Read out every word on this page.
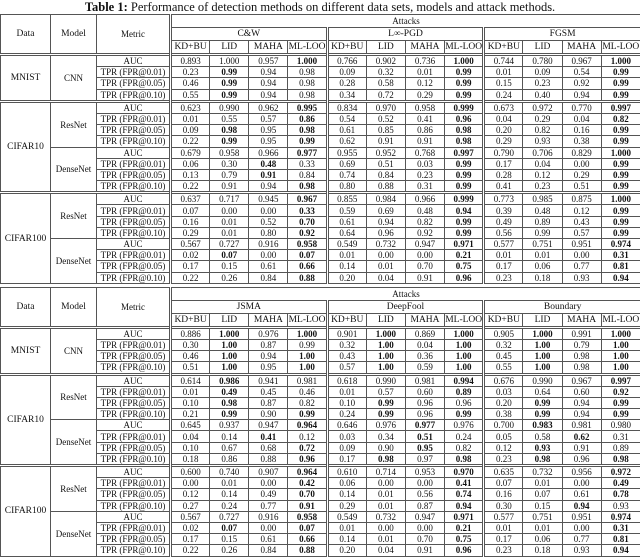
Table 1: Performance of detection methods on different data sets, models and attack methods.

Data	Model	Metric	Attacks											
			C&W				L∞-PGD				FGSM			
			KD+BU	LID	MAHA	ML-LOO	KD+BU	LID	MAHA	ML-LOO	KD+BU	LID	MAHA	ML-LOO
MNIST	CNN	AUC	0.893	1.000	0.957	1.000	0.766	0.902	0.736	1.000	0.744	0.780	0.967	1.000
		TPR (FPR@0.01)	0.23	0.99	0.94	0.98	0.09	0.32	0.01	0.99	0.01	0.09	0.54	0.99
		TPR (FPR@0.05)	0.46	0.99	0.94	0.98	0.28	0.58	0.12	0.99	0.15	0.23	0.92	0.99
		TPR (FPR@0.10)	0.55	0.99	0.94	0.98	0.34	0.72	0.29	0.99	0.24	0.40	0.94	0.99
CIFAR10	ResNet	AUC	0.623	0.990	0.962	0.995	0.834	0.970	0.958	0.999	0.673	0.972	0.770	0.997
		TPR (FPR@0.01)	0.01	0.55	0.57	0.86	0.54	0.52	0.41	0.96	0.04	0.29	0.04	0.82
		TPR (FPR@0.05)	0.09	0.98	0.95	0.98	0.61	0.85	0.86	0.98	0.20	0.82	0.16	0.99
		TPR (FPR@0.10)	0.22	0.99	0.95	0.99	0.62	0.91	0.91	0.98	0.29	0.93	0.38	0.99
	DenseNet	AUC	0.679	0.958	0.966	0.977	0.955	0.952	0.768	0.997	0.790	0.706	0.829	1.000
		TPR (FPR@0.01)	0.06	0.30	0.48	0.33	0.69	0.51	0.03	0.99	0.17	0.04	0.00	0.99
		TPR (FPR@0.05)	0.13	0.79	0.91	0.84	0.74	0.84	0.23	0.99	0.28	0.12	0.29	0.99
		TPR (FPR@0.10)	0.22	0.91	0.94	0.98	0.80	0.88	0.31	0.99	0.41	0.23	0.51	0.99
CIFAR100	ResNet	AUC	0.637	0.717	0.945	0.967	0.855	0.984	0.966	0.999	0.773	0.985	0.875	1.000
		TPR (FPR@0.01)	0.07	0.00	0.00	0.33	0.59	0.69	0.48	0.94	0.39	0.48	0.12	0.99
		TPR (FPR@0.05)	0.16	0.01	0.52	0.70	0.61	0.94	0.82	0.99	0.49	0.89	0.43	0.99
		TPR (FPR@0.10)	0.29	0.01	0.80	0.92	0.64	0.96	0.92	0.99	0.56	0.99	0.57	0.99
	DenseNet	AUC	0.567	0.727	0.916	0.958	0.549	0.732	0.947	0.971	0.577	0.751	0.951	0.974
		TPR (FPR@0.01)	0.02	0.07	0.00	0.07	0.01	0.00	0.00	0.21	0.01	0.01	0.00	0.31
		TPR (FPR@0.05)	0.17	0.15	0.61	0.66	0.14	0.01	0.70	0.75	0.17	0.06	0.77	0.81
		TPR (FPR@0.10)	0.22	0.26	0.84	0.88	0.20	0.04	0.91	0.96	0.23	0.18	0.93	0.94
Data	Model	Metric	Attacks											
			JSMA				DeepFool				Boundary			
			KD+BU	LID	MAHA	ML-LOO	KD+BU	LID	MAHA	ML-LOO	KD+BU	LID	MAHA	ML-LOO
MNIST	CNN	AUC	0.886	1.000	0.976	1.000	0.901	1.000	0.869	1.000	0.905	1.000	0.991	1.000
		TPR (FPR@0.01)	0.30	1.00	0.87	0.99	0.32	1.00	0.04	1.00	0.32	1.00	0.79	1.00
		TPR (FPR@0.05)	0.46	1.00	0.94	1.00	0.43	1.00	0.36	1.00	0.45	1.00	0.98	1.00
		TPR (FPR@0.10)	0.51	1.00	0.95	1.00	0.57	1.00	0.59	1.00	0.55	1.00	0.98	1.00
CIFAR10	ResNet	AUC	0.614	0.986	0.941	0.981	0.618	0.990	0.981	0.994	0.676	0.990	0.967	0.997
		TPR (FPR@0.01)	0.01	0.49	0.45	0.46	0.01	0.57	0.60	0.89	0.03	0.64	0.60	0.92
		TPR (FPR@0.05)	0.10	0.98	0.87	0.82	0.10	0.99	0.96	0.96	0.20	0.99	0.94	0.99
		TPR (FPR@0.10)	0.21	0.99	0.90	0.99	0.24	0.99	0.96	0.99	0.38	0.99	0.94	0.99
	DenseNet	AUC	0.645	0.937	0.947	0.964	0.646	0.976	0.977	0.976	0.700	0.983	0.981	0.980
		TPR (FPR@0.01)	0.04	0.14	0.41	0.12	0.03	0.34	0.51	0.24	0.05	0.58	0.62	0.31
		TPR (FPR@0.05)	0.10	0.67	0.68	0.72	0.09	0.90	0.95	0.82	0.12	0.93	0.91	0.89
		TPR (FPR@0.10)	0.18	0.86	0.88	0.96	0.17	0.98	0.97	0.98	0.23	0.98	0.96	0.98
CIFAR100	ResNet	AUC	0.600	0.740	0.907	0.964	0.610	0.714	0.953	0.970	0.635	0.732	0.956	0.972
		TPR (FPR@0.01)	0.00	0.01	0.00	0.42	0.06	0.00	0.00	0.41	0.07	0.01	0.00	0.49
		TPR (FPR@0.05)	0.12	0.14	0.49	0.70	0.14	0.01	0.56	0.74	0.16	0.07	0.61	0.78
		TPR (FPR@0.10)	0.27	0.24	0.77	0.91	0.29	0.01	0.87	0.94	0.30	0.15	0.94	0.93
	DenseNet	AUC	0.567	0.727	0.916	0.958	0.549	0.732	0.947	0.971	0.577	0.751	0.951	0.974
		TPR (FPR@0.01)	0.02	0.07	0.00	0.07	0.01	0.00	0.00	0.21	0.01	0.01	0.00	0.31
		TPR (FPR@0.05)	0.17	0.15	0.61	0.66	0.14	0.01	0.70	0.75	0.17	0.06	0.77	0.81
		TPR (FPR@0.10)	0.22	0.26	0.84	0.88	0.20	0.04	0.91	0.96	0.23	0.18	0.93	0.94
